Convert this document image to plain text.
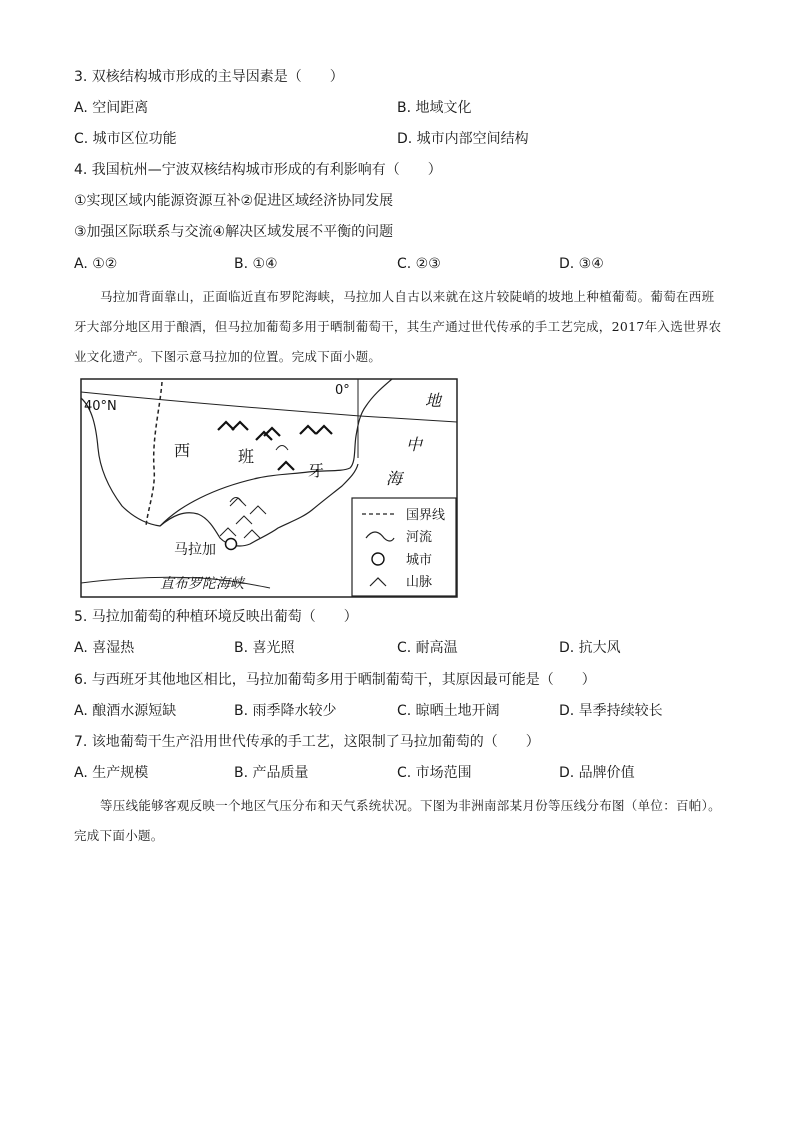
3. 双核结构城市形成的主导因素是（　　）
A. 空间距离	B. 地域文化
C. 城市区位功能	D. 城市内部空间结构
4. 我国杭州—宁波双核结构城市形成的有利影响有（　　）
①实现区域内能源资源互补②促进区域经济协同发展
③加强区际联系与交流④解决区域发展不平衡的问题
A. ①②	B. ①④	C. ②③	D. ③④
马拉加背面靠山，正面临近直布罗陀海峡，马拉加人自古以来就在这片较陡峭的坡地上种植葡萄。葡萄在西班牙大部分地区用于酿酒，但马拉加葡萄多用于晒制葡萄干，其生产通过世代传承的手工艺完成，2017年入选世界农业文化遗产。下图示意马拉加的位置。完成下面小题。
40°N
0°
西	班
牙
地
中
海
马拉加
直布罗陀海峡
国界线
河流
城市
山脉
5. 马拉加葡萄的种植环境反映出葡萄（　　）
A. 喜湿热	B. 喜光照	C. 耐高温	D. 抗大风
6. 与西班牙其他地区相比，马拉加葡萄多用于晒制葡萄干，其原因最可能是（　　）
A. 酿酒水源短缺	B. 雨季降水较少	C. 晾晒土地开阔	D. 旱季持续较长
7. 该地葡萄干生产沿用世代传承的手工艺，这限制了马拉加葡萄的（　　）
A. 生产规模	B. 产品质量	C. 市场范围	D. 品牌价值
等压线能够客观反映一个地区气压分布和天气系统状况。下图为非洲南部某月份等压线分布图（单位：百帕）。完成下面小题。
